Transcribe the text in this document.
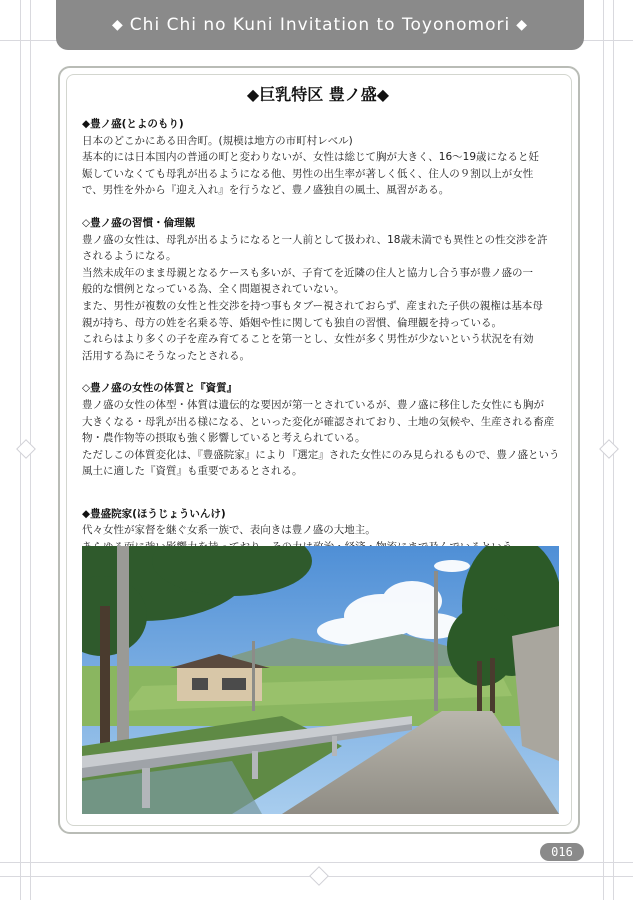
◆ Chi Chi no Kuni Invitation to Toyonomori ◆
◆巨乳特区 豊ノ盛◆

◆豊ノ盛(とよのもり)

日本のどこかにある田舎町。(規模は地方の市町村レベル)

基本的には日本国内の普通の町と変わりないが、女性は総じて胸が大きく、16～19歳になると妊

娠していなくても母乳が出るようになる他、男性の出生率が著しく低く、住人の９割以上が女性

で、男性を外から『迎え入れ』を行うなど、豊ノ盛独自の風土、風習がある。

◇豊ノ盛の習慣・倫理観

豊ノ盛の女性は、母乳が出るようになると一人前として扱われ、18歳未満でも異性との性交渉を許

されるようになる。

当然未成年のまま母親となるケースも多いが、子育てを近隣の住人と協力し合う事が豊ノ盛の一

般的な慣例となっている為、全く問題視されていない。

また、男性が複数の女性と性交渉を持つ事もタブー視されておらず、産まれた子供の親権は基本母

親が持ち、母方の姓を名乗る等、婚姻や性に関しても独自の習慣、倫理観を持っている。

これらはより多くの子を産み育てることを第一とし、女性が多く男性が少ないという状況を有効

活用する為にそうなったとされる。

◇豊ノ盛の女性の体質と『資質』

豊ノ盛の女性の体型・体質は遺伝的な要因が第一とされているが、豊ノ盛に移住した女性にも胸が

大きくなる・母乳が出る様になる、といった変化が確認されており、土地の気候や、生産される畜産

物・農作物等の摂取も強く影響していると考えられている。

ただしこの体質変化は、『豊盛院家』により『選定』された女性にのみ見られるもので、豊ノ盛という

風土に適した『資質』も重要であるとされる。

◆豊盛院家(ほうじょういんけ)

代々女性が家督を継ぐ女系一族で、表向きは豊ノ盛の大地主。

016
